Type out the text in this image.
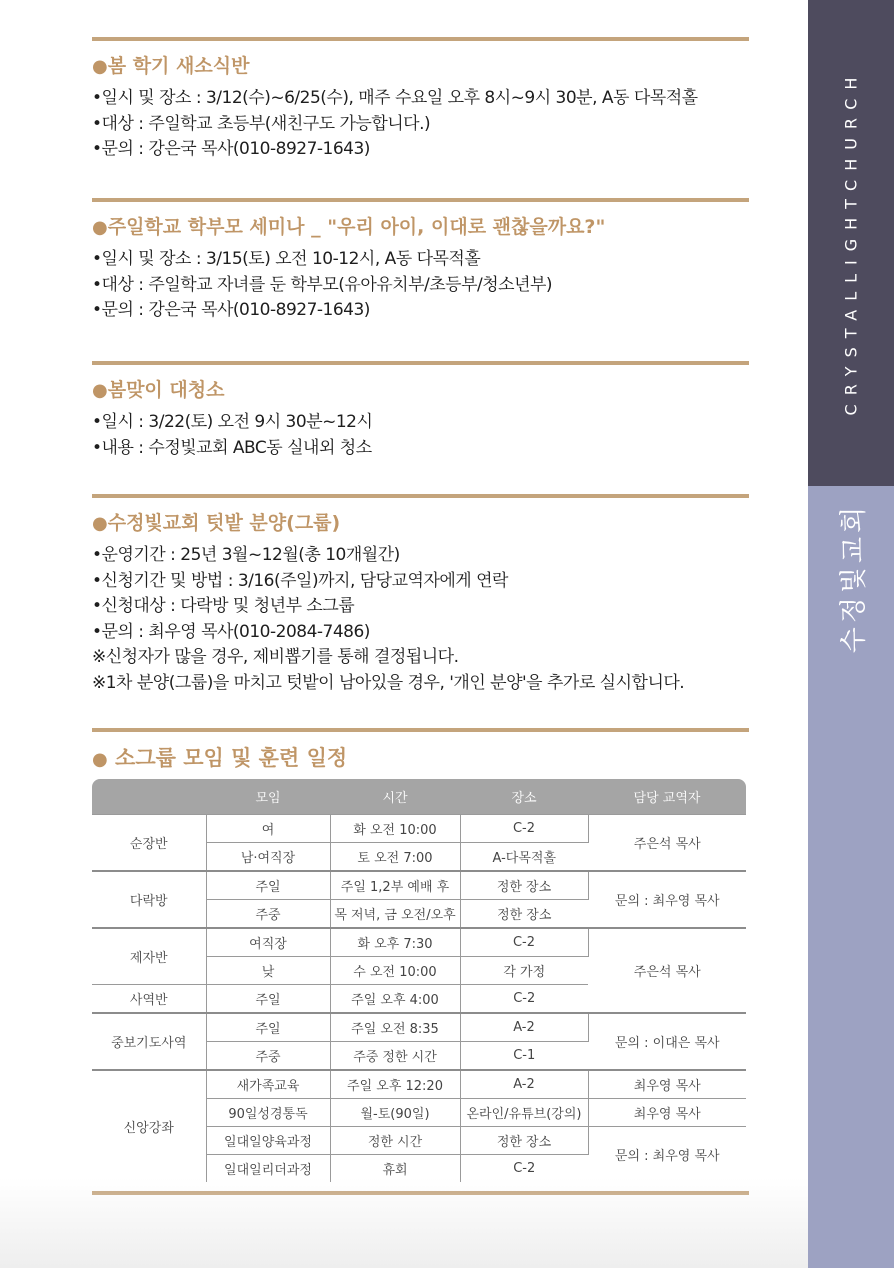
CRYSTALLIGHTCHURCH
수정빛교회
●봄 학기 새소식반
•일시 및 장소 : 3/12(수)~6/25(수), 매주 수요일 오후 8시~9시 30분, A동 다목적홀
•대상 : 주일학교 초등부(새친구도 가능합니다.)
•문의 : 강은국 목사(010-8927-1643)
●주일학교 학부모 세미나 _ "우리 아이, 이대로 괜찮을까요?"
•일시 및 장소 : 3/15(토) 오전 10-12시, A동 다목적홀
•대상 : 주일학교 자녀를 둔 학부모(유아유치부/초등부/청소년부)
•문의 : 강은국 목사(010-8927-1643)
●봄맞이 대청소
•일시 : 3/22(토) 오전 9시 30분~12시
•내용 : 수정빛교회 ABC동 실내외 청소
●수정빛교회 텃밭 분양(그룹)
•운영기간 : 25년 3월~12월(총 10개월간)
•신청기간 및 방법 : 3/16(주일)까지, 담당교역자에게 연락
•신청대상 : 다락방 및 청년부 소그룹
•문의 : 최우영 목사(010-2084-7486)
※신청자가 많을 경우, 제비뽑기를 통해 결정됩니다.
※1차 분양(그룹)을 마치고 텃밭이 남아있을 경우, '개인 분양'을 추가로 실시합니다.
● 소그룹 모임 및 훈련 일정
	모임	시간	장소	담당 교역자
순장반	여	화 오전 10:00	C-2	주은석 목사
	남·여직장	토 오전 7:00	A-다목적홀	
다락방	주일	주일 1,2부 예배 후	정한 장소	문의 : 최우영 목사
	주중	목 저녁, 금 오전/오후	정한 장소	
제자반	여직장	화 오후 7:30	C-2	주은석 목사
	낮	수 오전 10:00	각 가정	
사역반	주일	주일 오후 4:00	C-2	
중보기도사역	주일	주일 오전 8:35	A-2	문의 : 이대은 목사
	주중	주중 정한 시간	C-1	
신앙강좌	새가족교육	주일 오후 12:20	A-2	최우영 목사
	90일성경통독	월-토(90일)	온라인/유튜브(강의)	최우영 목사
	일대일양육과정	정한 시간	정한 장소	문의 : 최우영 목사
	일대일리더과정	휴회	C-2	
